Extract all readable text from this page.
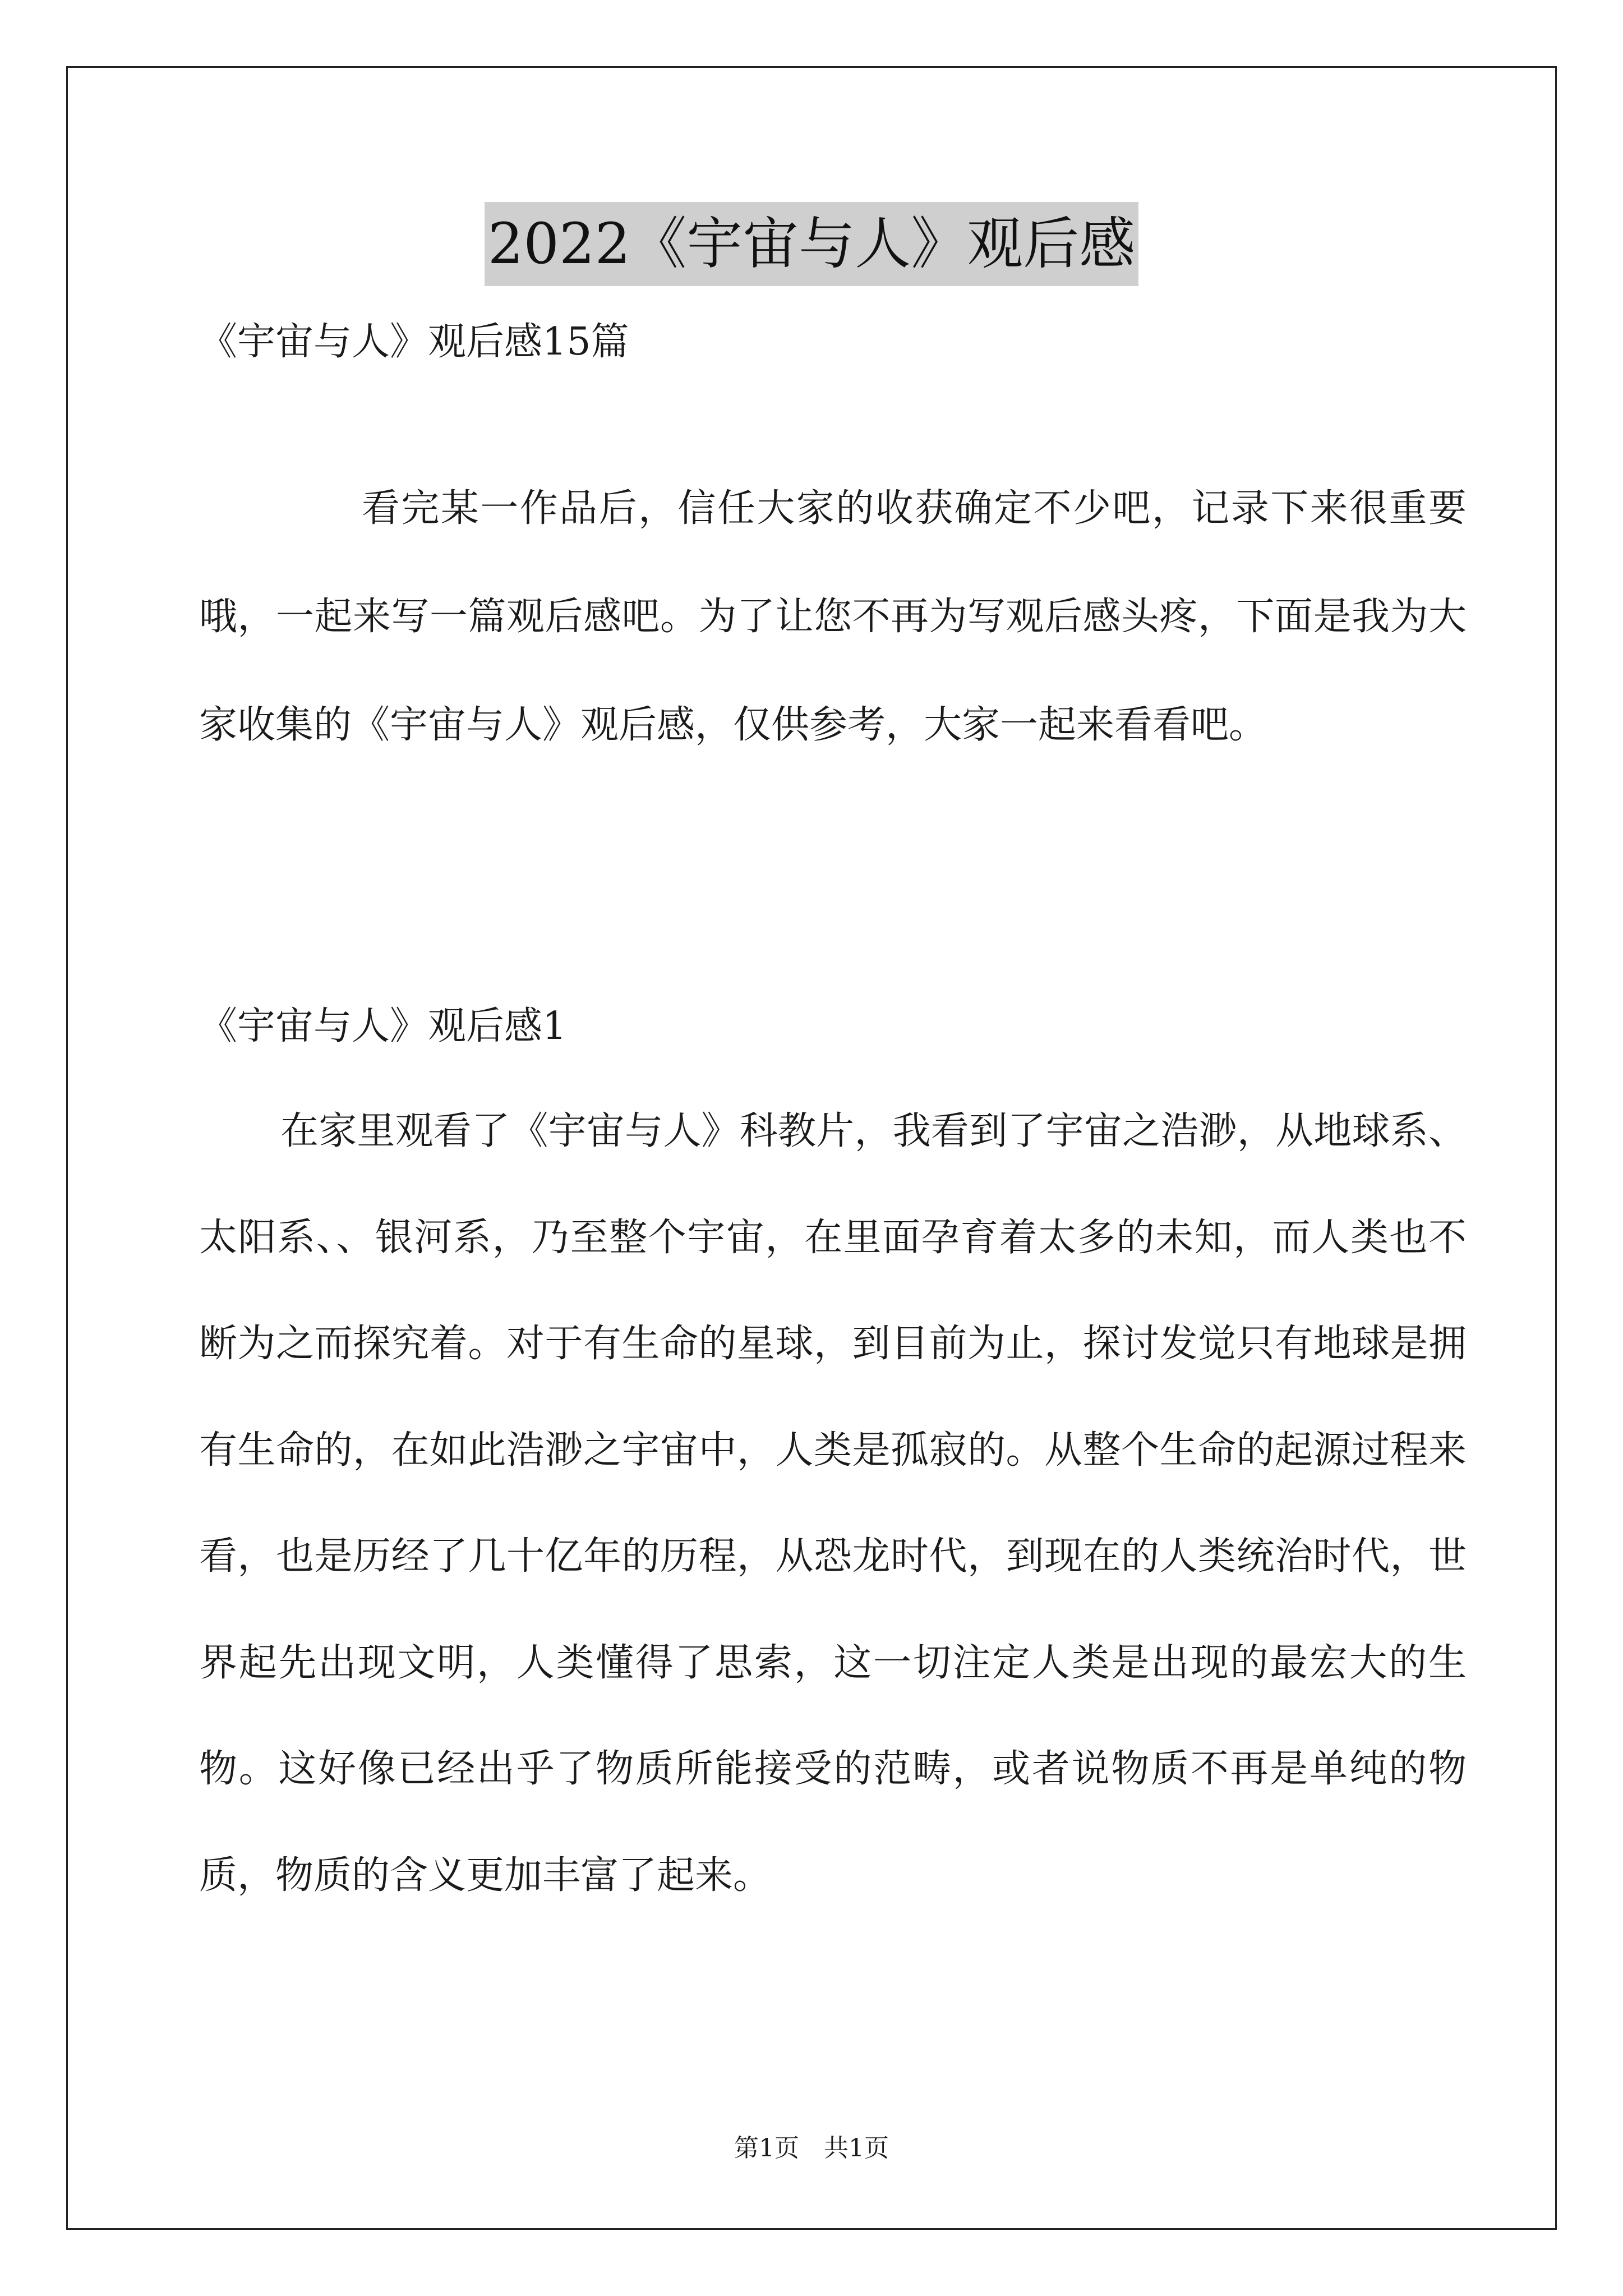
2022《宇宙与人》观后感
《宇宙与人》观后感15篇
看完某一作品后，信任大家的收获确定不少吧，记录下来很重要哦，一起来写一篇观后感吧。为了让您不再为写观后感头疼，下面是我为大家收集的《宇宙与人》观后感，仅供参考，大家一起来看看吧。
《宇宙与人》观后感1
在家里观看了《宇宙与人》科教片，我看到了宇宙之浩渺，从地球系、太阳系、、银河系，乃至整个宇宙，在里面孕育着太多的未知，而人类也不断为之而探究着。对于有生命的星球，到目前为止，探讨发觉只有地球是拥有生命的，在如此浩渺之宇宙中，人类是孤寂的。从整个生命的起源过程来看，也是历经了几十亿年的历程，从恐龙时代，到现在的人类统治时代，世界起先出现文明，人类懂得了思索，这一切注定人类是出现的最宏大的生物。这好像已经出乎了物质所能接受的范畴，或者说物质不再是单纯的物质，物质的含义更加丰富了起来。
第1页　共1页
